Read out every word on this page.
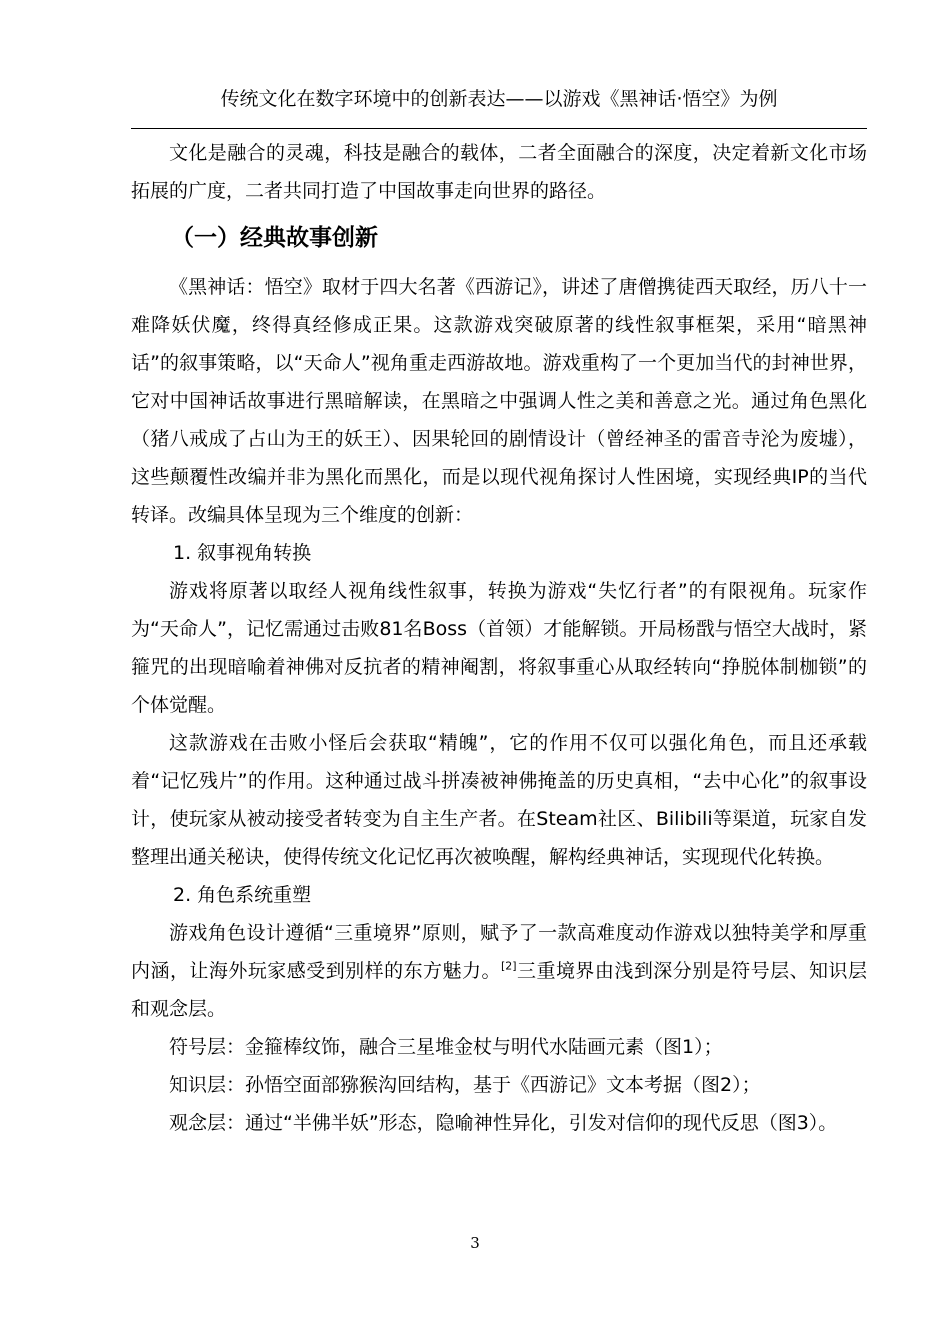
传统文化在数字环境中的创新表达——以游戏《黑神话·悟空》为例

文化是融合的灵魂，科技是融合的载体，二者全面融合的深度，决定着新文化市场拓展的广度，二者共同打造了中国故事走向世界的路径。

（一）经典故事创新

《黑神话：悟空》取材于四大名著《西游记》，讲述了唐僧携徒西天取经，历八十一难降妖伏魔，终得真经修成正果。这款游戏突破原著的线性叙事框架，采用“暗黑神话”的叙事策略，以“天命人”视角重走西游故地。游戏重构了一个更加当代的封神世界，它对中国神话故事进行黑暗解读，在黑暗之中强调人性之美和善意之光。通过角色黑化（猪八戒成了占山为王的妖王）、因果轮回的剧情设计（曾经神圣的雷音寺沦为废墟），这些颠覆性改编并非为黑化而黑化，而是以现代视角探讨人性困境，实现经典IP的当代转译。改编具体呈现为三个维度的创新：

1. 叙事视角转换

游戏将原著以取经人视角线性叙事，转换为游戏“失忆行者”的有限视角。玩家作为“天命人”，记忆需通过击败81名Boss（首领）才能解锁。开局杨戬与悟空大战时，紧箍咒的出现暗喻着神佛对反抗者的精神阉割，将叙事重心从取经转向“挣脱体制枷锁”的个体觉醒。

这款游戏在击败小怪后会获取“精魄”，它的作用不仅可以强化角色，而且还承载着“记忆残片”的作用。这种通过战斗拼凑被神佛掩盖的历史真相，“去中心化”的叙事设计，使玩家从被动接受者转变为自主生产者。在Steam社区、Bilibili等渠道，玩家自发整理出通关秘诀，使得传统文化记忆再次被唤醒，解构经典神话，实现现代化转换。

2. 角色系统重塑

游戏角色设计遵循“三重境界”原则，赋予了一款高难度动作游戏以独特美学和厚重内涵，让海外玩家感受到别样的东方魅力。[2]三重境界由浅到深分别是符号层、知识层和观念层。

符号层：金箍棒纹饰，融合三星堆金杖与明代水陆画元素（图1）；

知识层：孙悟空面部猕猴沟回结构，基于《西游记》文本考据（图2）；

观念层：通过“半佛半妖”形态，隐喻神性异化，引发对信仰的现代反思（图3）。

3
